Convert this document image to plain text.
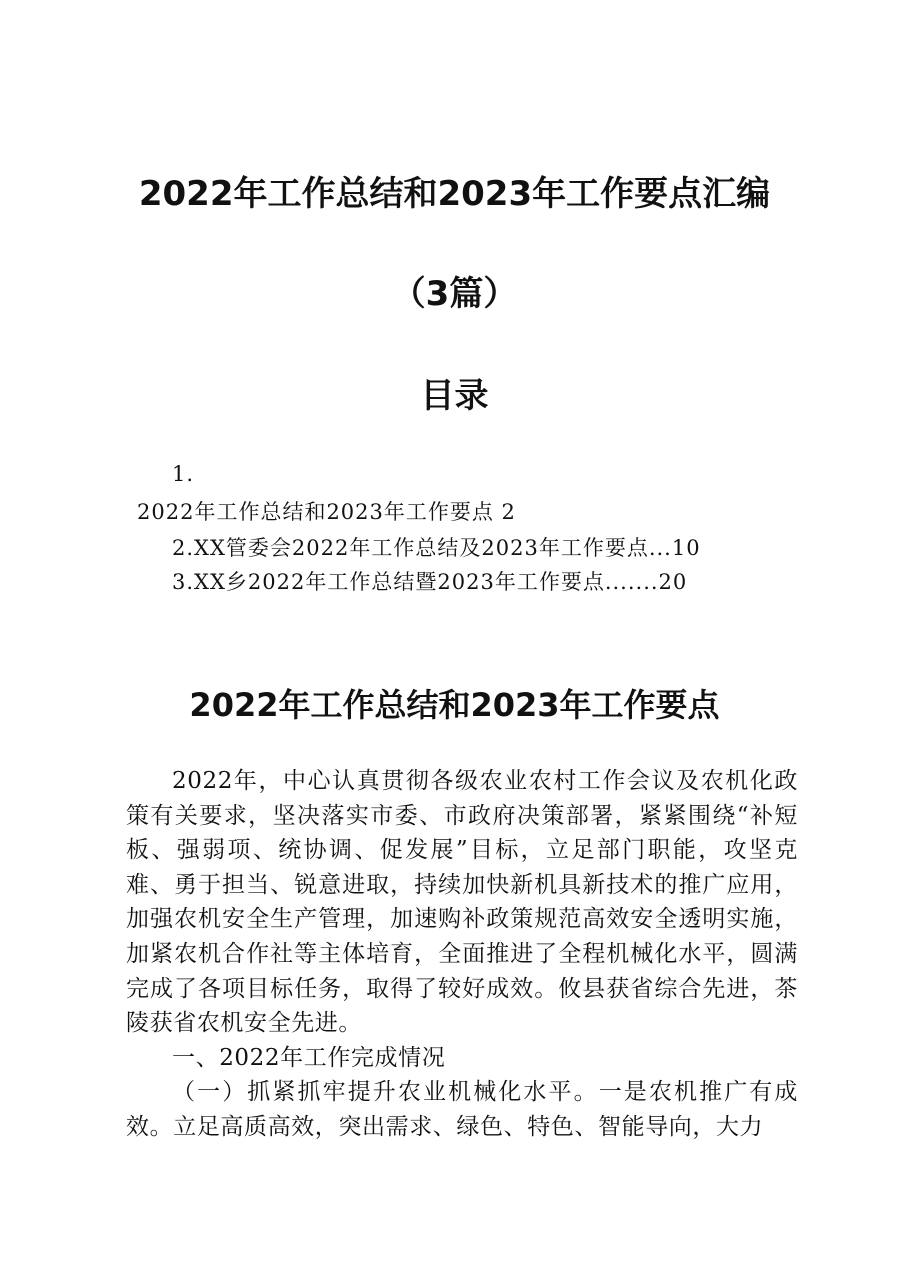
2022年工作总结和2023年工作要点汇编
（3篇）
目录
1.
2022年工作总结和2023年工作要点 2
2.XX管委会2022年工作总结及2023年工作要点...10
3.XX乡2022年工作总结暨2023年工作要点.......20
2022年工作总结和2023年工作要点

2022年，中心认真贯彻各级农业农村工作会议及农机化政策有关要求，坚决落实市委、市政府决策部署，紧紧围绕“补短板、强弱项、统协调、促发展”目标，立足部门职能，攻坚克难、勇于担当、锐意进取，持续加快新机具新技术的推广应用，加强农机安全生产管理，加速购补政策规范高效安全透明实施，加紧农机合作社等主体培育，全面推进了全程机械化水平，圆满完成了各项目标任务，取得了较好成效。攸县获省综合先进，茶陵获省农机安全先进。

一、2022年工作完成情况

（一）抓紧抓牢提升农业机械化水平。一是农机推广有成效。立足高质高效，突出需求、绿色、特色、智能导向，大力
